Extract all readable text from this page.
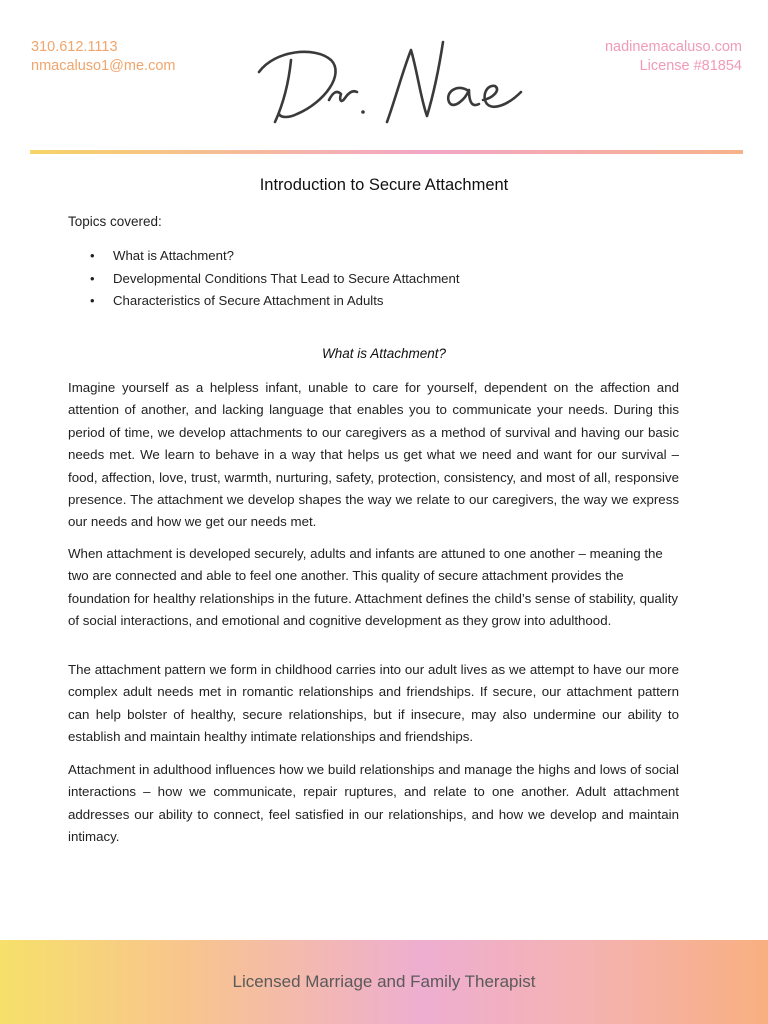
310.612.1113
nmacaluso1@me.com
nadinemacaluso.com
License #81854
Introduction to Secure Attachment
Topics covered:
• What is Attachment?
• Developmental Conditions That Lead to Secure Attachment
• Characteristics of Secure Attachment in Adults
What is Attachment?

Imagine yourself as a helpless infant, unable to care for yourself, dependent on the affection and attention of another, and lacking language that enables you to communicate your needs. During this period of time, we develop attachments to our caregivers as a method of survival and having our basic needs met. We learn to behave in a way that helps us get what we need and want for our survival – food, affection, love, trust, warmth, nurturing, safety, protection, consistency, and most of all, responsive presence. The attachment we develop shapes the way we relate to our caregivers, the way we express our needs and how we get our needs met.

When attachment is developed securely, adults and infants are attuned to one another – meaning the two are connected and able to feel one another. This quality of secure attachment provides the foundation for healthy relationships in the future. Attachment defines the child’s sense of stability, quality of social interactions, and emotional and cognitive development as they grow into adulthood.

The attachment pattern we form in childhood carries into our adult lives as we attempt to have our more complex adult needs met in romantic relationships and friendships. If secure, our attachment pattern can help bolster of healthy, secure relationships, but if insecure, may also undermine our ability to establish and maintain healthy intimate relationships and friendships.

Attachment in adulthood influences how we build relationships and manage the highs and lows of social interactions – how we communicate, repair ruptures, and relate to one another. Adult attachment addresses our ability to connect, feel satisfied in our relationships, and how we develop and maintain intimacy.

Licensed Marriage and Family Therapist
